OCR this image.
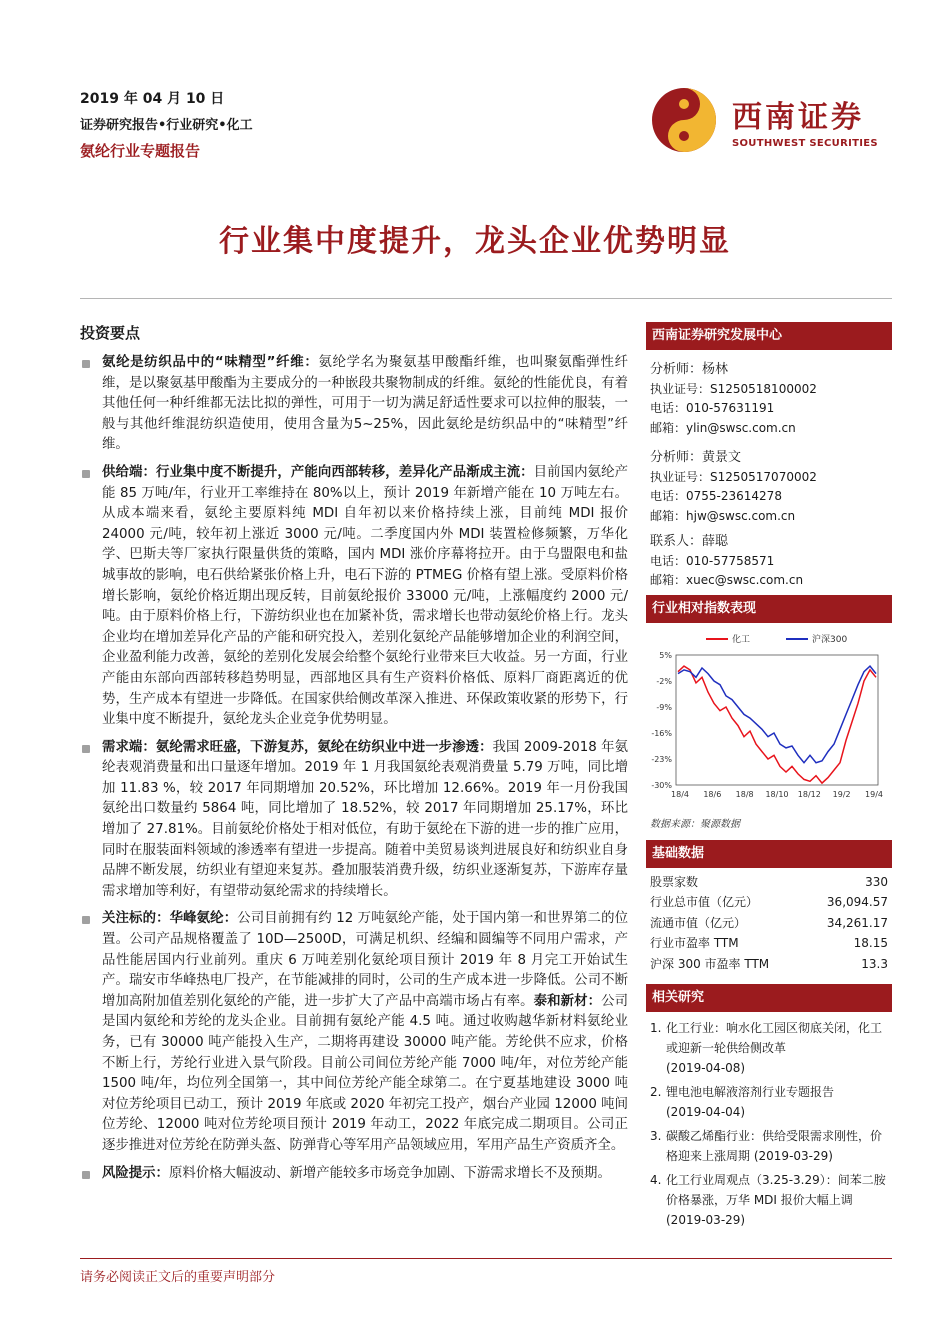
2019 年 04 月 10 日
证券研究报告•行业研究•化工
氨纶行业专题报告
西南证券
SOUTHWEST SECURITIES
行业集中度提升，龙头企业优势明显
投资要点
氨纶是纺织品中的“味精型”纤维：氨纶学名为聚氨基甲酸酯纤维，也叫聚氨酯弹性纤维，是以聚氨基甲酸酯为主要成分的一种嵌段共聚物制成的纤维。氨纶的性能优良，有着其他任何一种纤维都无法比拟的弹性，可用于一切为满足舒适性要求可以拉伸的服装，一般与其他纤维混纺织造使用，使用含量为5~25%，因此氨纶是纺织品中的“味精型”纤维。
供给端：行业集中度不断提升，产能向西部转移，差异化产品渐成主流：目前国内氨纶产能 85 万吨/年，行业开工率维持在 80%以上，预计 2019 年新增产能在 10 万吨左右。从成本端来看，氨纶主要原料纯 MDI 自年初以来价格持续上涨，目前纯 MDI 报价 24000 元/吨，较年初上涨近 3000 元/吨。二季度国内外 MDI 装置检修频繁，万华化学、巴斯夫等厂家执行限量供货的策略，国内 MDI 涨价序幕将拉开。由于乌盟限电和盐城事故的影响，电石供给紧张价格上升，电石下游的 PTMEG 价格有望上涨。受原料价格增长影响，氨纶价格近期出现反转，目前氨纶报价 33000 元/吨，上涨幅度约 2000 元/吨。由于原料价格上行，下游纺织业也在加紧补货，需求增长也带动氨纶价格上行。龙头企业均在增加差异化产品的产能和研究投入，差别化氨纶产品能够增加企业的利润空间，企业盈利能力改善，氨纶的差别化发展会给整个氨纶行业带来巨大收益。另一方面，行业产能由东部向西部转移趋势明显，西部地区具有生产资料价格低、原料厂商距离近的优势，生产成本有望进一步降低。在国家供给侧改革深入推进、环保政策收紧的形势下，行业集中度不断提升，氨纶龙头企业竞争优势明显。
需求端：氨纶需求旺盛，下游复苏，氨纶在纺织业中进一步渗透：我国 2009-2018 年氨纶表观消费量和出口量逐年增加。2019 年 1 月我国氨纶表观消费量 5.79 万吨，同比增加 11.83 %，较 2017 年同期增加 20.52%，环比增加 12.66%。2019 年一月份我国氨纶出口数量约 5864 吨，同比增加了 18.52%，较 2017 年同期增加 25.17%，环比增加了 27.81%。目前氨纶价格处于相对低位，有助于氨纶在下游的进一步的推广应用，同时在服装面料领域的渗透率有望进一步提高。随着中美贸易谈判进展良好和纺织业自身品牌不断发展，纺织业有望迎来复苏。叠加服装消费升级，纺织业逐渐复苏，下游库存量需求增加等利好，有望带动氨纶需求的持续增长。
关注标的：华峰氨纶：公司目前拥有约 12 万吨氨纶产能，处于国内第一和世界第二的位置。公司产品规格覆盖了 10D—2500D，可满足机织、经编和圆编等不同用户需求，产品性能居国内行业前列。重庆 6 万吨差别化氨纶项目预计 2019 年 8 月完工开始试生产。瑞安市华峰热电厂投产，在节能减排的同时，公司的生产成本进一步降低。公司不断增加高附加值差别化氨纶的产能，进一步扩大了产品中高端市场占有率。泰和新材：公司是国内氨纶和芳纶的龙头企业。目前拥有氨纶产能 4.5 吨。通过收购越华新材料氨纶业务，已有 30000 吨产能投入生产，二期将再建设 30000 吨产能。芳纶供不应求，价格不断上行，芳纶行业进入景气阶段。目前公司间位芳纶产能 7000 吨/年，对位芳纶产能 1500 吨/年，均位列全国第一，其中间位芳纶产能全球第二。在宁夏基地建设 3000 吨对位芳纶项目已动工，预计 2019 年底或 2020 年初完工投产，烟台产业园 12000 吨间位芳纶、12000 吨对位芳纶项目预计 2019 年动工，2022 年底完成二期项目。公司正逐步推进对位芳纶在防弹头盔、防弹背心等军用产品领域应用，军用产品生产资质齐全。
风险提示：原料价格大幅波动、新增产能较多市场竞争加剧、下游需求增长不及预期。
西南证券研究发展中心
分析师：杨林
执业证号：S1250518100002
电话：010-57631191
邮箱：ylin@swsc.com.cn
分析师：黄景文
执业证号：S1250517070002
电话：0755-23614278
邮箱：hjw@swsc.com.cn
联系人：薛聪
电话：010-57758571
邮箱：xuec@swsc.com.cn
行业相对指数表现
5%
-2%
-9%
-16%
-23%
-30%
18/4 18/6 18/8 18/10 18/12 19/2 19/4
化工	沪深300
数据来源：聚源数据
基础数据
股票家数	330
行业总市值（亿元）	36,094.57
流通市值（亿元）	34,261.17
行业市盈率 TTM	18.15
沪深 300 市盈率 TTM	13.3
相关研究
1. 化工行业：响水化工园区彻底关闭，化工或迎新一轮供给侧改革
(2019-04-08)
2. 锂电池电解液溶剂行业专题报告
(2019-04-04)
3. 碳酸乙烯酯行业：供给受限需求刚性，价格迎来上涨周期 (2019-03-29)
4. 化工行业周观点（3.25-3.29）：间苯二胺价格暴涨，万华 MDI 报价大幅上调
(2019-03-29)
请务必阅读正文后的重要声明部分
